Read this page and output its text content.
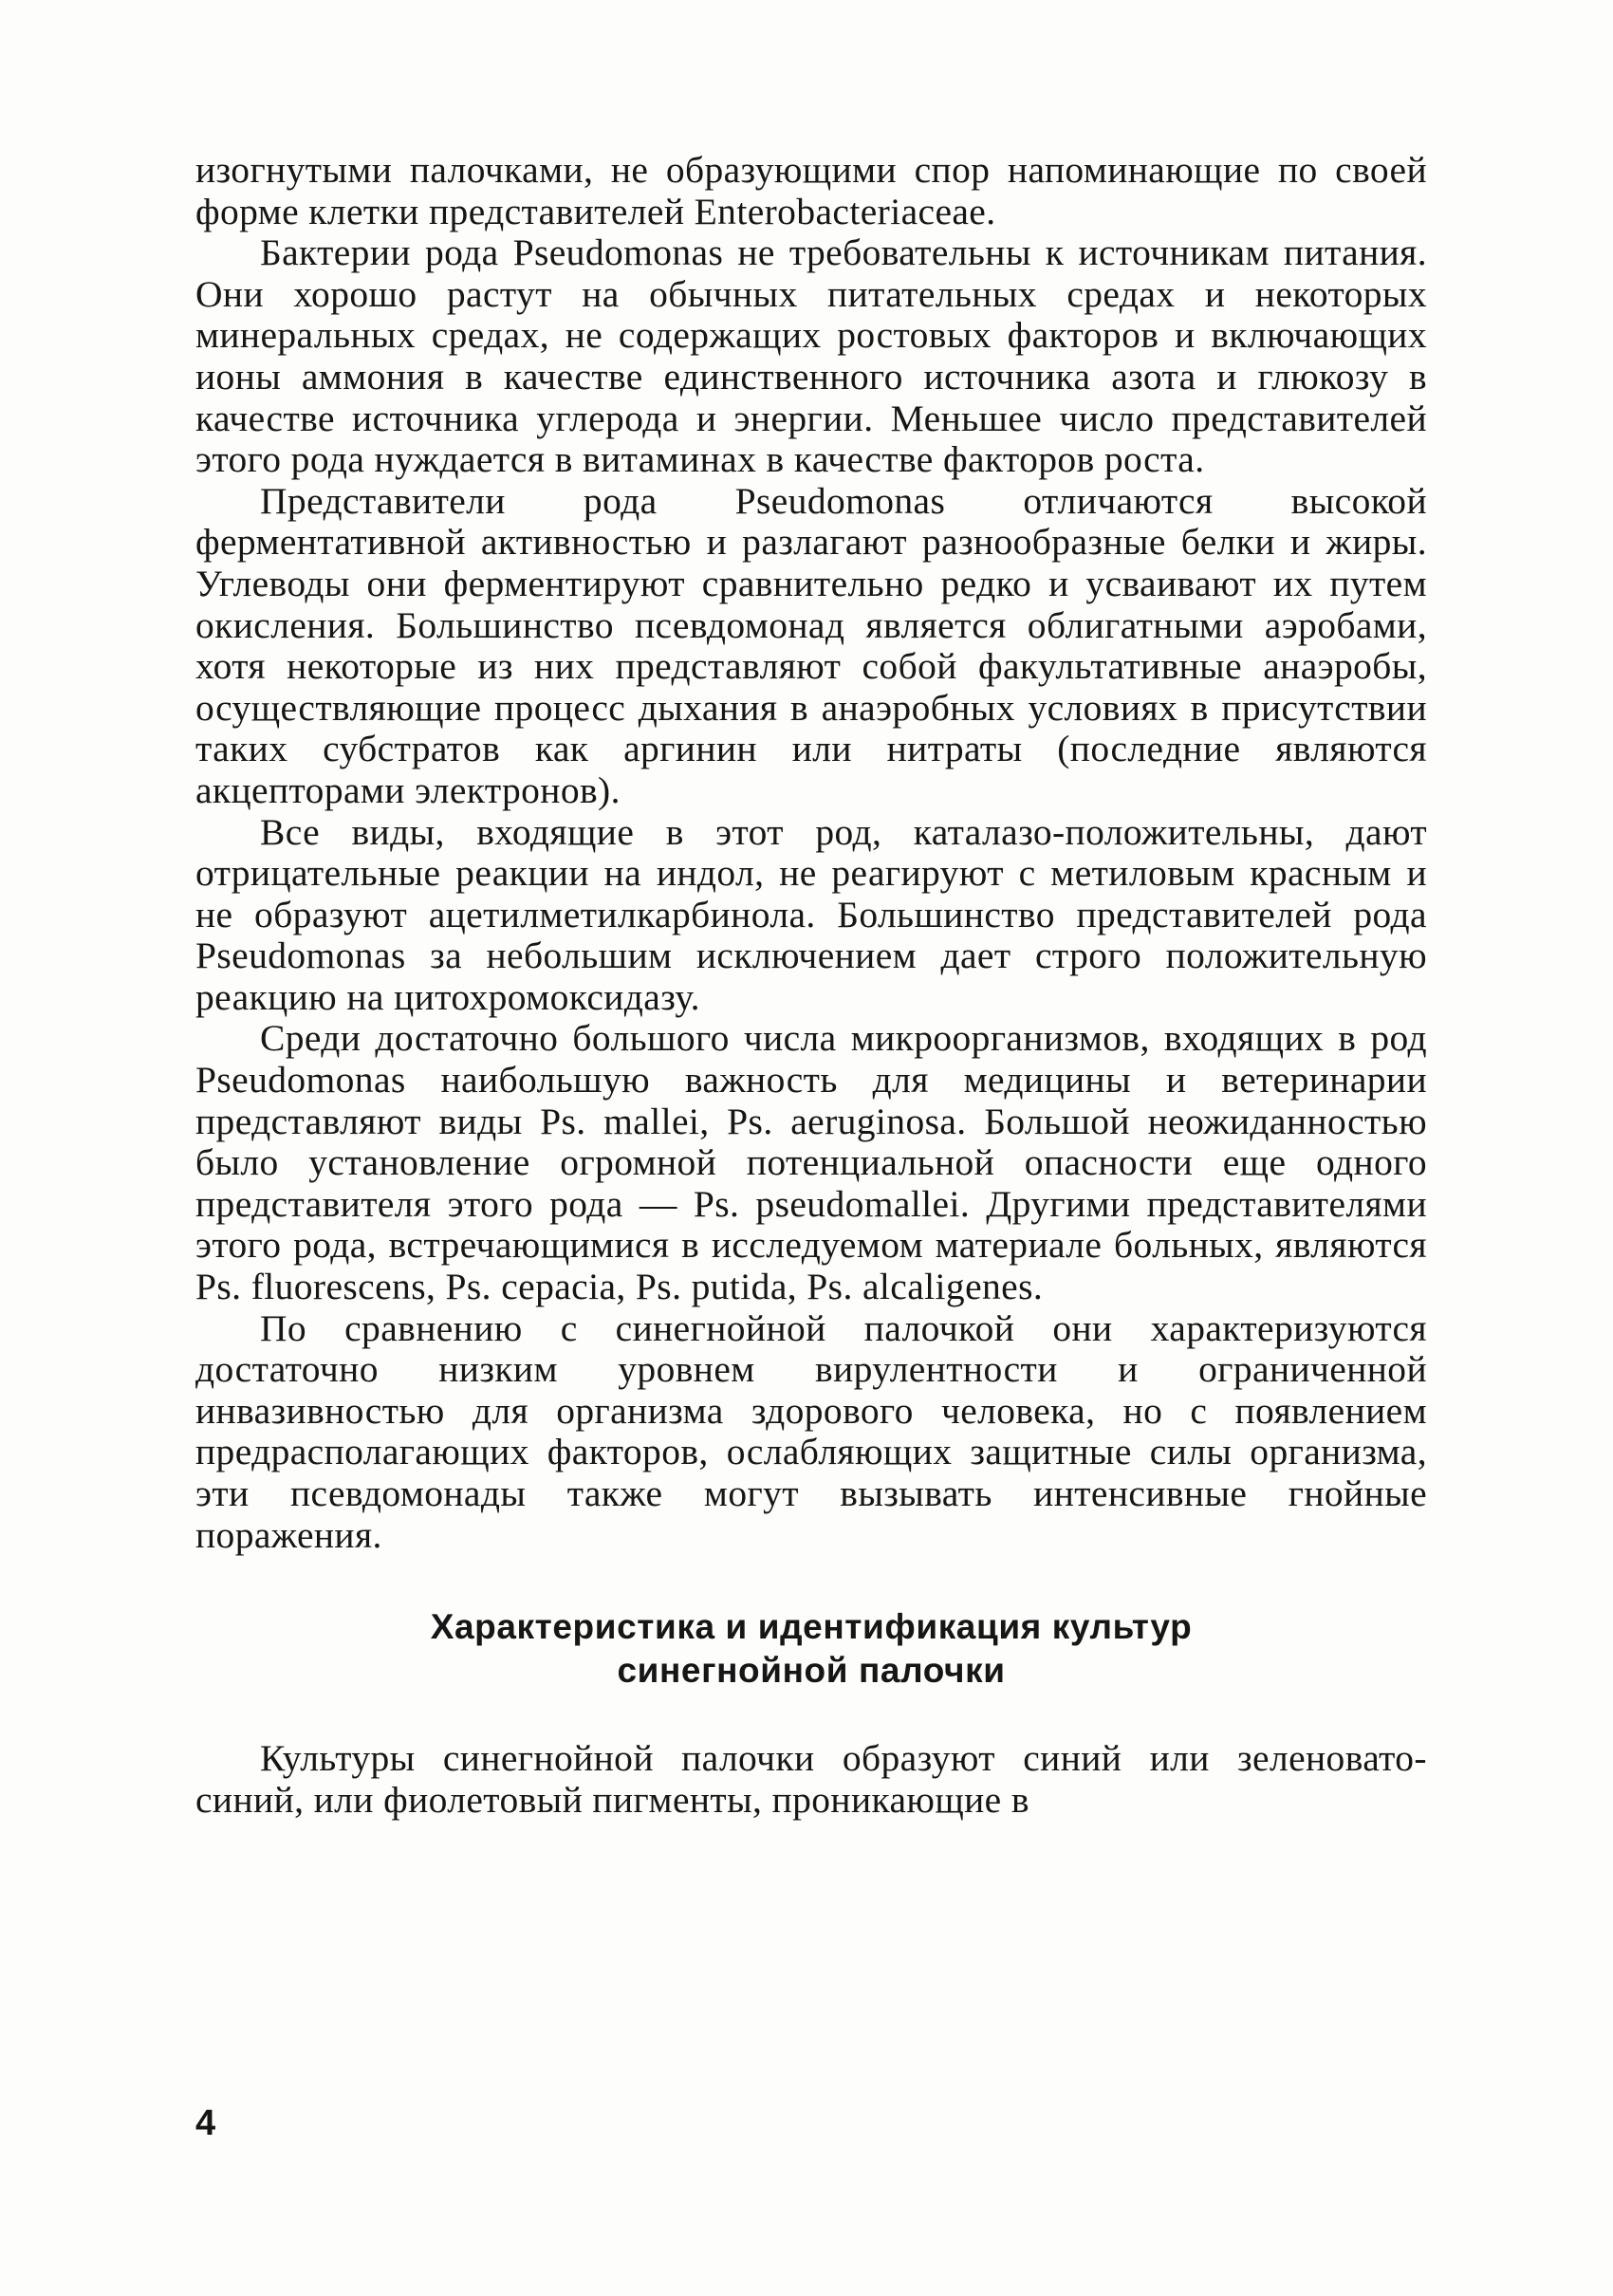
изогнутыми палочками, не образующими спор напоминающие по своей форме клетки представителей Enterobacteriaceae.

Бактерии рода Pseudomonas не требовательны к источникам питания. Они хорошо растут на обычных питательных средах и некоторых минеральных средах, не содержащих ростовых факторов и включающих ионы аммония в качестве единственного источника азота и глюкозу в качестве источника углерода и энергии. Меньшее число представителей этого рода нуждается в витаминах в качестве факторов роста.

Представители рода Pseudomonas отличаются высокой ферментативной активностью и разлагают разнообразные белки и жиры. Углеводы они ферментируют сравнительно редко и усваивают их путем окисления. Большинство псевдомонад является облигатными аэробами, хотя некоторые из них представляют собой факультативные анаэробы, осуществляющие процесс дыхания в анаэробных условиях в присутствии таких субстратов как аргинин или нитраты (последние являются акцепторами электронов).

Все виды, входящие в этот род, каталазо-положительны, дают отрицательные реакции на индол, не реагируют с метиловым красным и не образуют ацетилметилкарбинола. Большинство представителей рода Pseudomonas за небольшим исключением дает строго положительную реакцию на цитохромоксидазу.

Среди достаточно большого числа микроорганизмов, входящих в род Pseudomonas наибольшую важность для медицины и ветеринарии представляют виды Ps. mallei, Ps. aeruginosa. Большой неожиданностью было установление огромной потенциальной опасности еще одного представителя этого рода — Ps. pseudomallei. Другими представителями этого рода, встречающимися в исследуемом материале больных, являются Ps. fluorescens, Ps. cepacia, Ps. putida, Ps. alcaligenes.

По сравнению с синегнойной палочкой они характеризуются достаточно низким уровнем вирулентности и ограниченной инвазивностью для организма здорового человека, но с появлением предрасполагающих факторов, ослабляющих защитные силы организма, эти псевдомонады также могут вызывать интенсивные гнойные поражения.

Характеристика и идентификация культур
синегнойной палочки

Культуры синегнойной палочки образуют синий или зеленовато-синий, или фиолетовый пигменты, проникающие в

4
